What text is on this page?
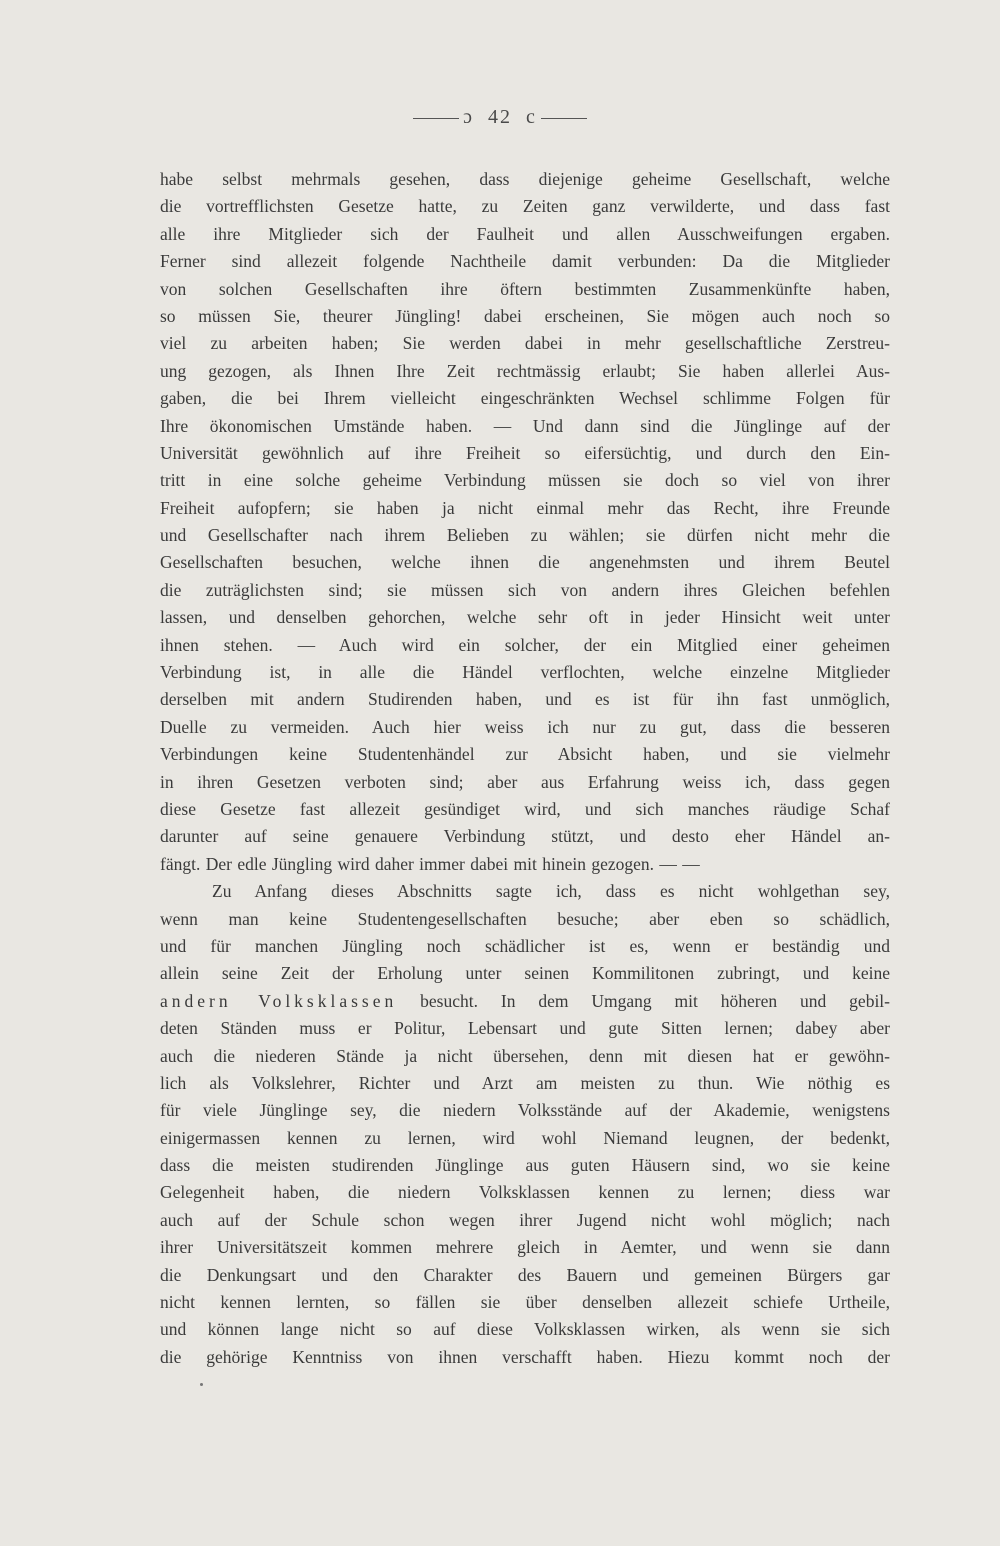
ɔ 42 c
habe selbst mehrmals gesehen, dass diejenige geheime Gesellschaft, welche
die vortrefflichsten Gesetze hatte, zu Zeiten ganz verwilderte, und dass fast
alle ihre Mitglieder sich der Faulheit und allen Ausschweifungen ergaben.
Ferner sind allezeit folgende Nachtheile damit verbunden: Da die Mitglieder
von solchen Gesellschaften ihre öftern bestimmten Zusammenkünfte haben,
so müssen Sie, theurer Jüngling! dabei erscheinen, Sie mögen auch noch so
viel zu arbeiten haben; Sie werden dabei in mehr gesellschaftliche Zerstreu-
ung gezogen, als Ihnen Ihre Zeit rechtmässig erlaubt; Sie haben allerlei Aus-
gaben, die bei Ihrem vielleicht eingeschränkten Wechsel schlimme Folgen für
Ihre ökonomischen Umstände haben. — Und dann sind die Jünglinge auf der
Universität gewöhnlich auf ihre Freiheit so eifersüchtig, und durch den Ein-
tritt in eine solche geheime Verbindung müssen sie doch so viel von ihrer
Freiheit aufopfern; sie haben ja nicht einmal mehr das Recht, ihre Freunde
und Gesellschafter nach ihrem Belieben zu wählen; sie dürfen nicht mehr die
Gesellschaften besuchen, welche ihnen die angenehmsten und ihrem Beutel
die zuträglichsten sind; sie müssen sich von andern ihres Gleichen befehlen
lassen, und denselben gehorchen, welche sehr oft in jeder Hinsicht weit unter
ihnen stehen. — Auch wird ein solcher, der ein Mitglied einer geheimen
Verbindung ist, in alle die Händel verflochten, welche einzelne Mitglieder
derselben mit andern Studirenden haben, und es ist für ihn fast unmöglich,
Duelle zu vermeiden. Auch hier weiss ich nur zu gut, dass die besseren
Verbindungen keine Studentenhändel zur Absicht haben, und sie vielmehr
in ihren Gesetzen verboten sind; aber aus Erfahrung weiss ich, dass gegen
diese Gesetze fast allezeit gesündiget wird, und sich manches räudige Schaf
darunter auf seine genauere Verbindung stützt, und desto eher Händel an-
fängt. Der edle Jüngling wird daher immer dabei mit hinein gezogen. — —
Zu Anfang dieses Abschnitts sagte ich, dass es nicht wohlgethan sey,
wenn man keine Studentengesellschaften besuche; aber eben so schädlich,
und für manchen Jüngling noch schädlicher ist es, wenn er beständig und
allein seine Zeit der Erholung unter seinen Kommilitonen zubringt, und keine
andern Volksklassen besucht. In dem Umgang mit höheren und gebil-
deten Ständen muss er Politur, Lebensart und gute Sitten lernen; dabey aber
auch die niederen Stände ja nicht übersehen, denn mit diesen hat er gewöhn-
lich als Volkslehrer, Richter und Arzt am meisten zu thun. Wie nöthig es
für viele Jünglinge sey, die niedern Volksstände auf der Akademie, wenigstens
einigermassen kennen zu lernen, wird wohl Niemand leugnen, der bedenkt,
dass die meisten studirenden Jünglinge aus guten Häusern sind, wo sie keine
Gelegenheit haben, die niedern Volksklassen kennen zu lernen; diess war
auch auf der Schule schon wegen ihrer Jugend nicht wohl möglich; nach
ihrer Universitätszeit kommen mehrere gleich in Aemter, und wenn sie dann
die Denkungsart und den Charakter des Bauern und gemeinen Bürgers gar
nicht kennen lernten, so fällen sie über denselben allezeit schiefe Urtheile,
und können lange nicht so auf diese Volksklassen wirken, als wenn sie sich
die gehörige Kenntniss von ihnen verschafft haben. Hiezu kommt noch der
